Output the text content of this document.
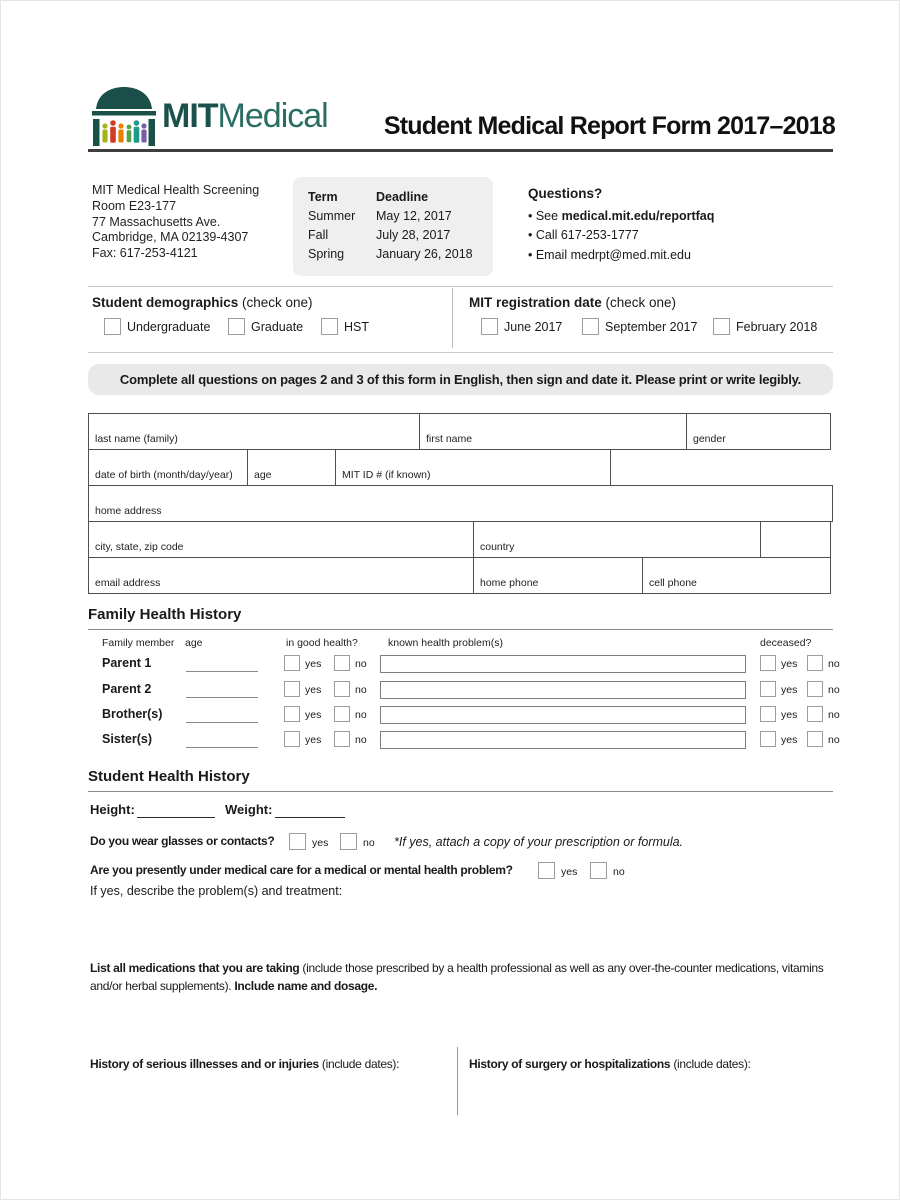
MITMedical	Student Medical Report Form 2017–2018
MIT Medical Health Screening
Room E23-177
77 Massachusetts Ave.
Cambridge, MA 02139-4307
Fax: 617-253-4121
Term	Deadline
Summer	May 12, 2017
Fall	July 28, 2017
Spring	January 26, 2018
Questions?
• See medical.mit.edu/reportfaq
• Call 617-253-1777
• Email medrpt@med.mit.edu
Student demographics (check one)	MIT registration date (check one)
Undergraduate	Graduate	HST	June 2017	September 2017	February 2018
Complete all questions on pages 2 and 3 of this form in English, then sign and date it. Please print or write legibly.
last name (family)	first name	gender
date of birth (month/day/year) age	MIT ID # (if known)
home address
city, state, zip code	country
email address	home phone	cell phone
Family Health History
Family member age	in good health?	known health problem(s)	deceased?
Parent 1	yes	no	yes	no
Parent 2	yes	no	yes	no
Brother(s)	yes	no	yes	no
Sister(s)	yes	no	yes	no
Student Health History
Height:	Weight:
Do you wear glasses or contacts?	yes	no *If yes, attach a copy of your prescription or formula.
Are you presently under medical care for a medical or mental health problem?	yes	no
If yes, describe the problem(s) and treatment:
List all medications that you are taking (include those prescribed by a health professional as well as any over-the-counter medications, vitamins and/or herbal supplements). Include name and dosage.
History of serious illnesses and or injuries (include dates):	History of surgery or hospitalizations (include dates):
